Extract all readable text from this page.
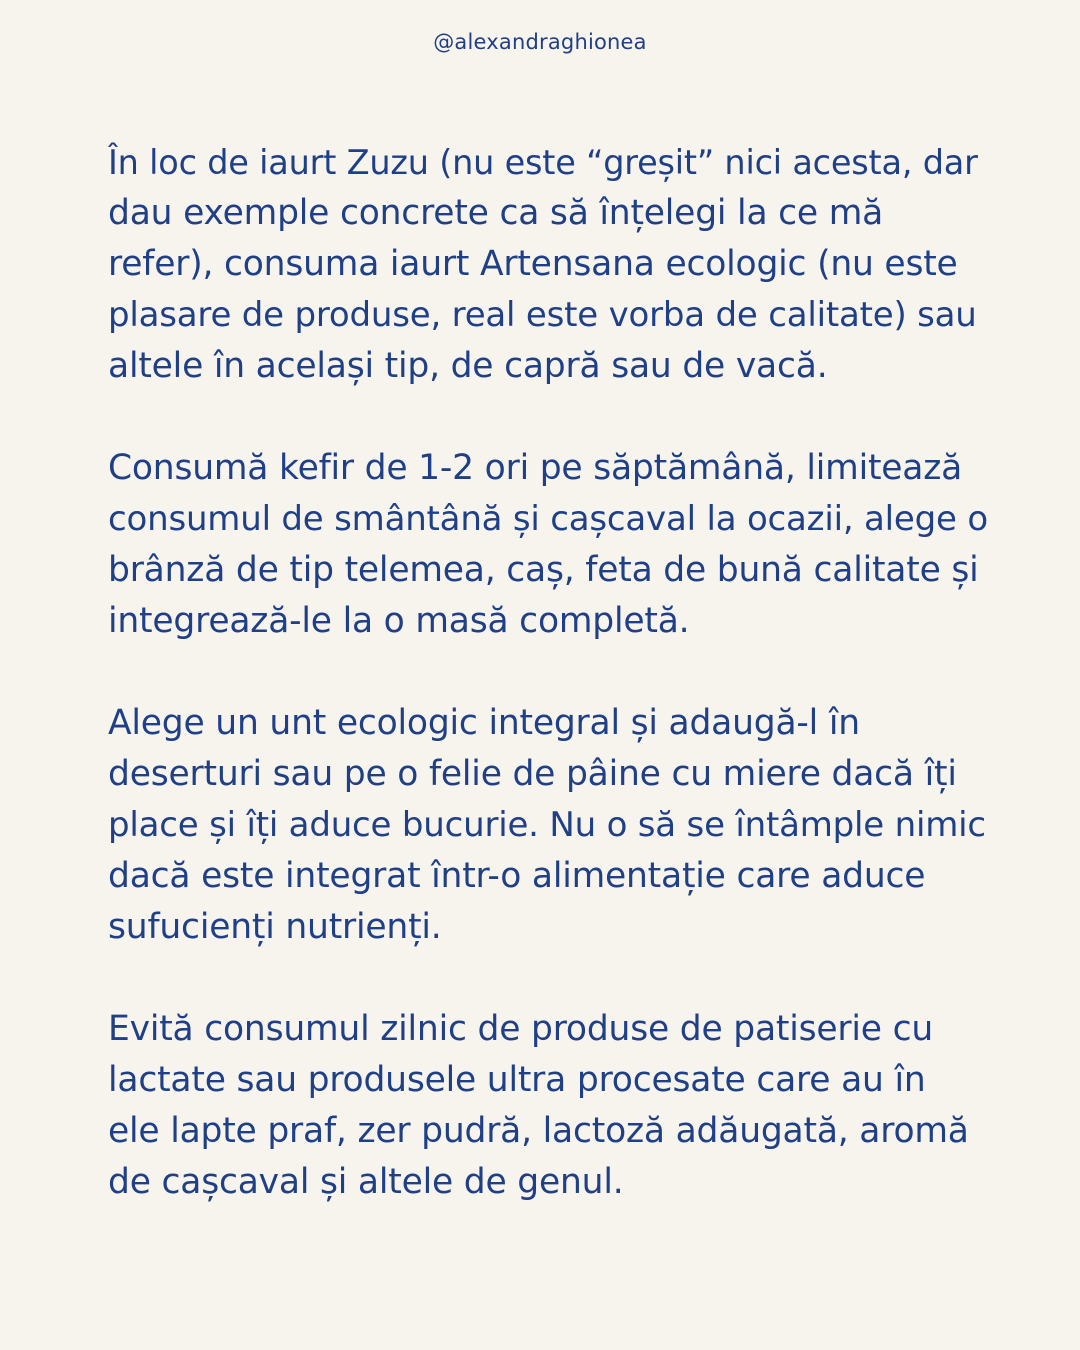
@alexandraghionea
În loc de iaurt Zuzu (nu este “greșit” nici acesta, dar
dau exemple concrete ca să înțelegi la ce mă
refer), consuma iaurt Artensana ecologic (nu este
plasare de produse, real este vorba de calitate) sau
altele în același tip, de capră sau de vacă.
Consumă kefir de 1-2 ori pe săptămână, limitează
consumul de smântână și cașcaval la ocazii, alege o
brânză de tip telemea, caș, feta de bună calitate și
integrează-le la o masă completă.
Alege un unt ecologic integral și adaugă-l în
deserturi sau pe o felie de pâine cu miere dacă îți
place și îți aduce bucurie. Nu o să se întâmple nimic
dacă este integrat într-o alimentație care aduce
sufucienți nutrienți.
Evită consumul zilnic de produse de patiserie cu
lactate sau produsele ultra procesate care au în
ele lapte praf, zer pudră, lactoză adăugată, aromă
de cașcaval și altele de genul.
